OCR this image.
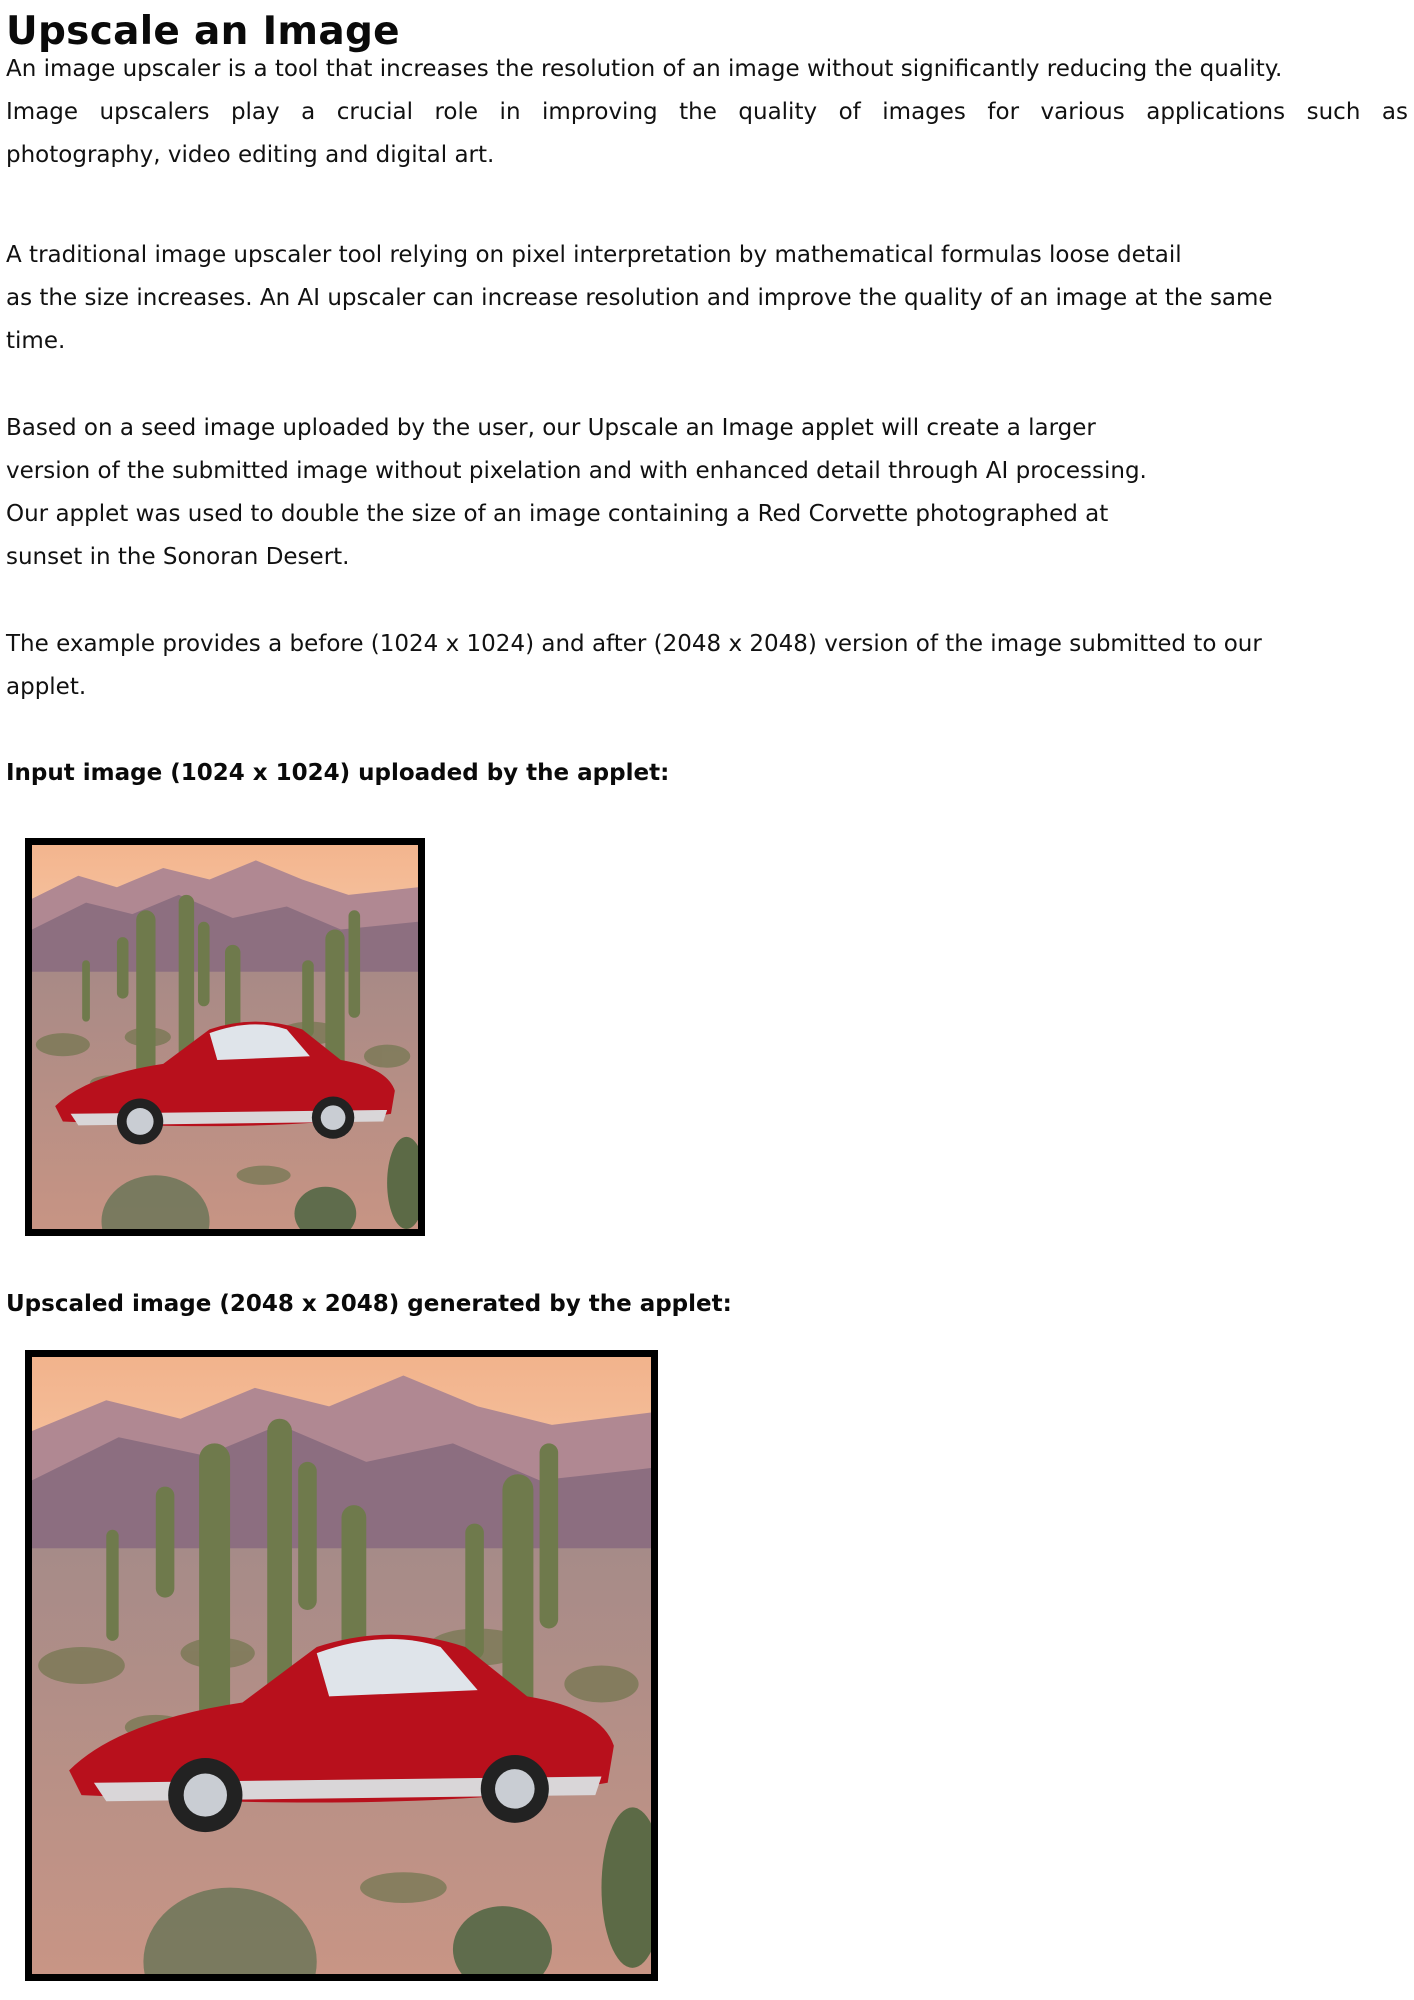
Upscale an Image
An image upscaler is a tool that increases the resolution of an image without significantly reducing the quality.
Image upscalers play a crucial role in improving the quality of images for various applications such as
photography, video editing and digital art.
A traditional image upscaler tool relying on pixel interpretation by mathematical formulas loose detail
as the size increases. An AI upscaler can increase resolution and improve the quality of an image at the same
time.
Based on a seed image uploaded by the user, our Upscale an Image applet will create a larger
version of the submitted image without pixelation and with enhanced detail through AI processing.
Our applet was used to double the size of an image containing a Red Corvette photographed at
sunset in the Sonoran Desert.
The example provides a before (1024 x 1024) and after (2048 x 2048) version of the image submitted to our
applet.
Input image (1024 x 1024) uploaded by the applet:
Upscaled image (2048 x 2048) generated by the applet:
